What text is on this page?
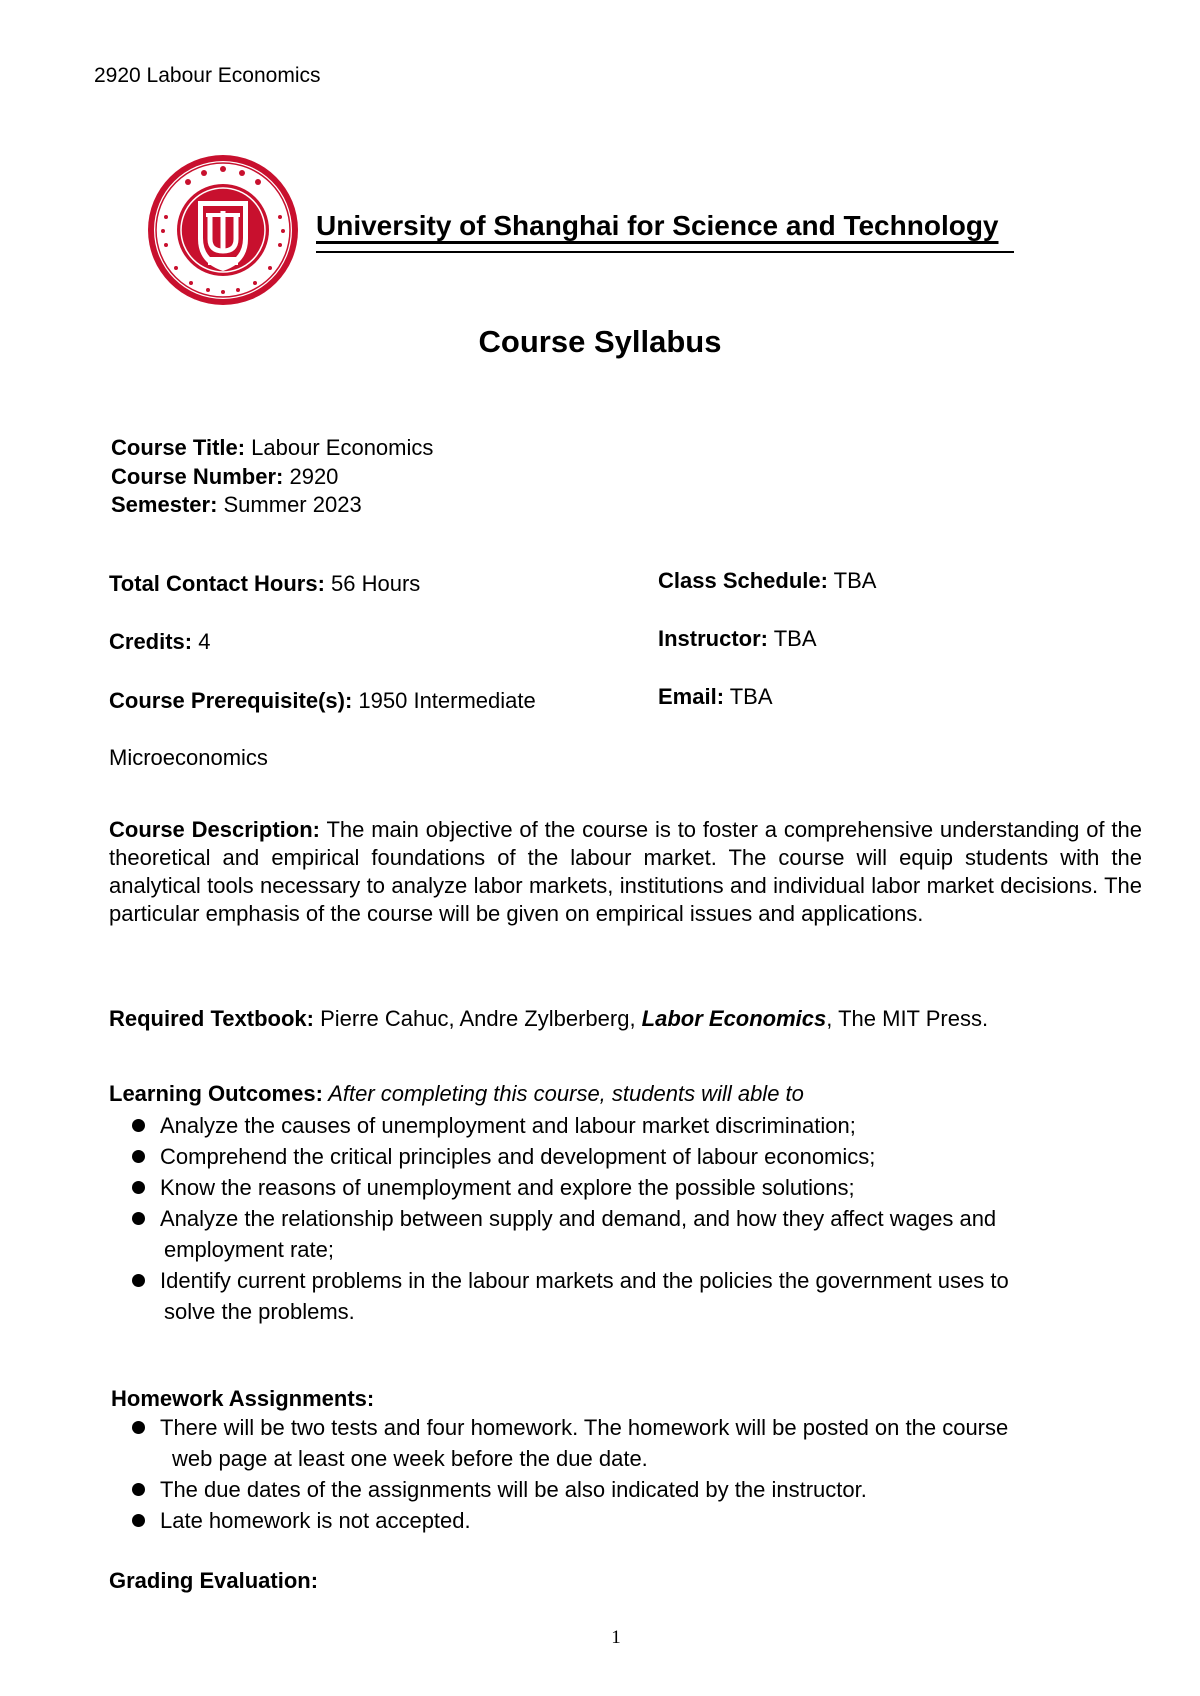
2920 Labour Economics
University of Shanghai for Science and Technology
Course Syllabus
Course Title: Labour Economics
Course Number: 2920
Semester: Summer 2023
Total Contact Hours: 56 Hours
Credits: 4
Course Prerequisite(s): 1950 Intermediate
Microeconomics
Class Schedule: TBA
Instructor: TBA
Email: TBA
Course Description: The main objective of the course is to foster a comprehensive understanding of the theoretical and empirical foundations of the labour market. The course will equip students with the analytical tools necessary to analyze labor markets, institutions and individual labor market decisions. The particular emphasis of the course will be given on empirical issues and applications.
Required Textbook: Pierre Cahuc, Andre Zylberberg, Labor Economics, The MIT Press.
Learning Outcomes: After completing this course, students will able to
Analyze the causes of unemployment and labour market discrimination;
Comprehend the critical principles and development of labour economics;
Know the reasons of unemployment and explore the possible solutions;
Analyze the relationship between supply and demand, and how they affect wages and
employment rate;
Identify current problems in the labour markets and the policies the government uses to
solve the problems.
Homework Assignments:
There will be two tests and four homework. The homework will be posted on the course
web page at least one week before the due date.
The due dates of the assignments will be also indicated by the instructor.
Late homework is not accepted.
Grading Evaluation:
1
